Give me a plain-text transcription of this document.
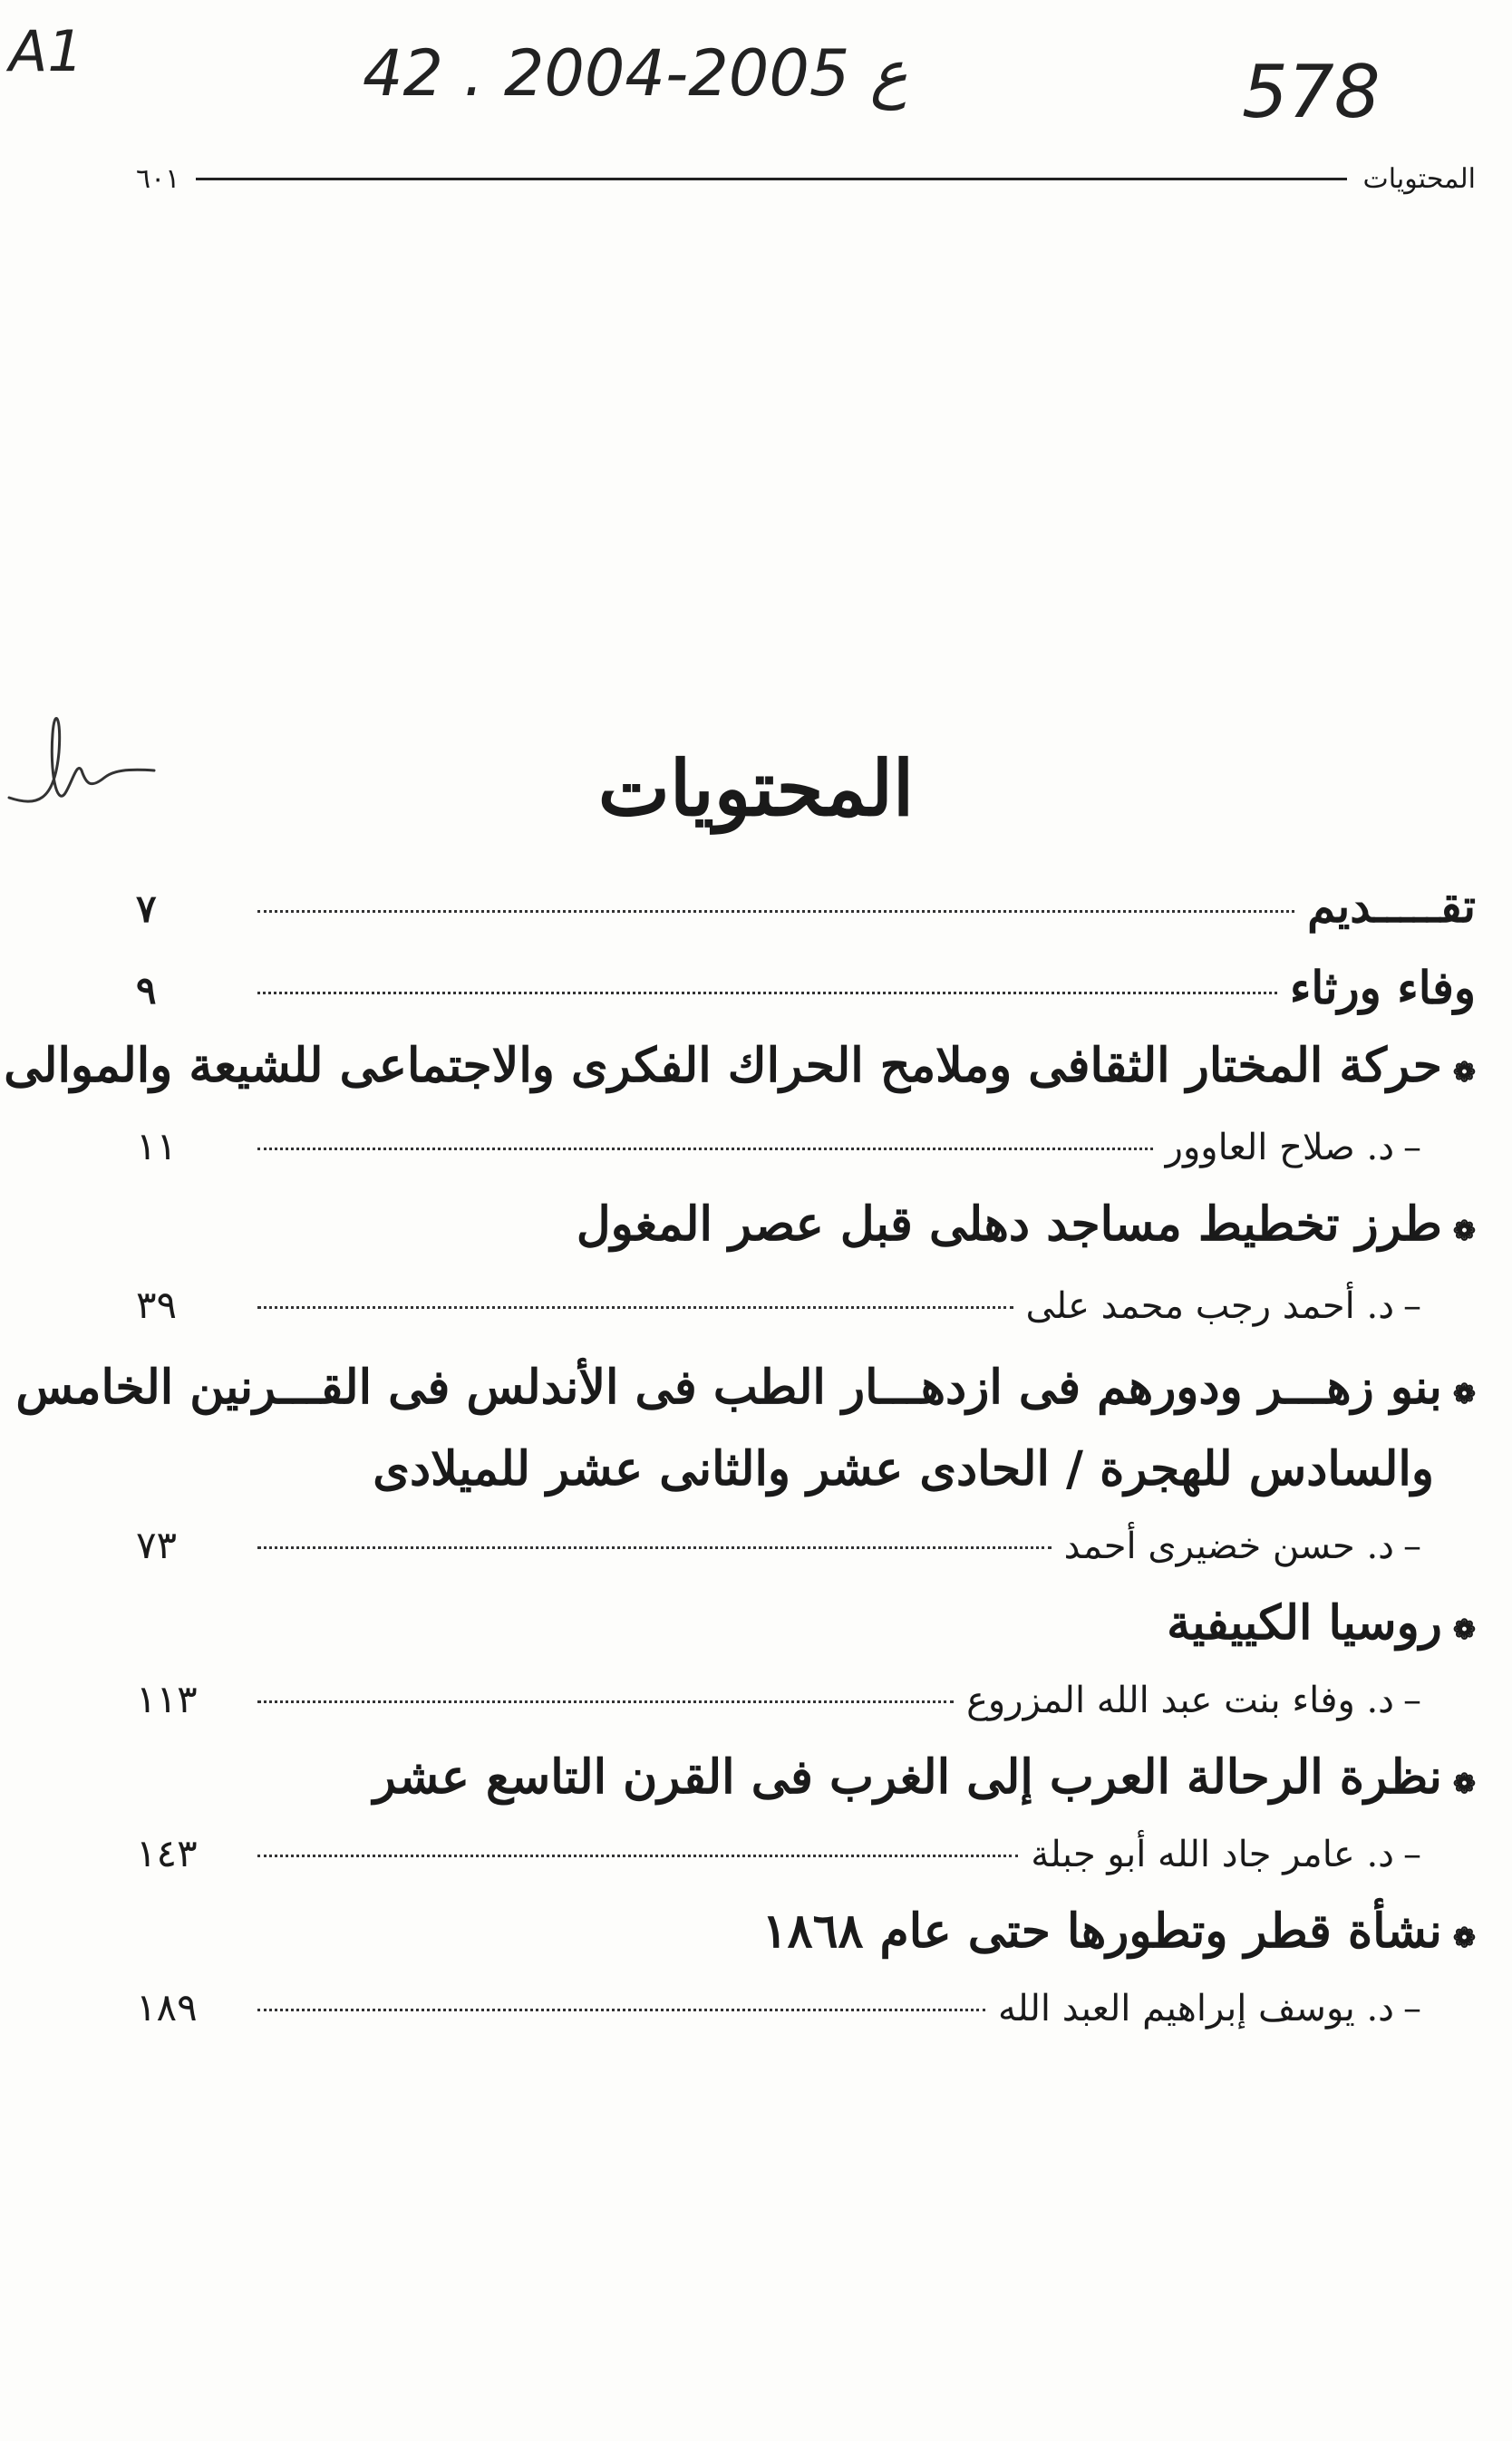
A1	42 . ع 2005-2004	578
المحتويات
٦٠١
المحتويات
تقـــــديم
٧
وفاء ورثاء
٩
❁
حركة المختار الثقافى وملامح الحراك الفكرى والاجتماعى للشيعة والموالى
–د. صلاح العاوور
١١
❁
طرز تخطيط مساجد دهلى قبل عصر المغول
–د. أحمد رجب محمد على
٣٩
❁
بنو زهـــر ودورهم فى ازدهـــار الطب فى الأندلس فى القـــرنين الخامس
والسادس للهجرة / الحادى عشر والثانى عشر للميلادى
–د. حسن خضيرى أحمد
٧٣
❁
روسيا الكييفية
–د. وفاء بنت عبد الله المزروع
١١٣
❁
نظرة الرحالة العرب إلى الغرب فى القرن التاسع عشر
–د. عامر جاد الله أبو جبلة
١٤٣
❁
نشأة قطر وتطورها حتى عام ١٨٦٨
–د. يوسف إبراهيم العبد الله
١٨٩
